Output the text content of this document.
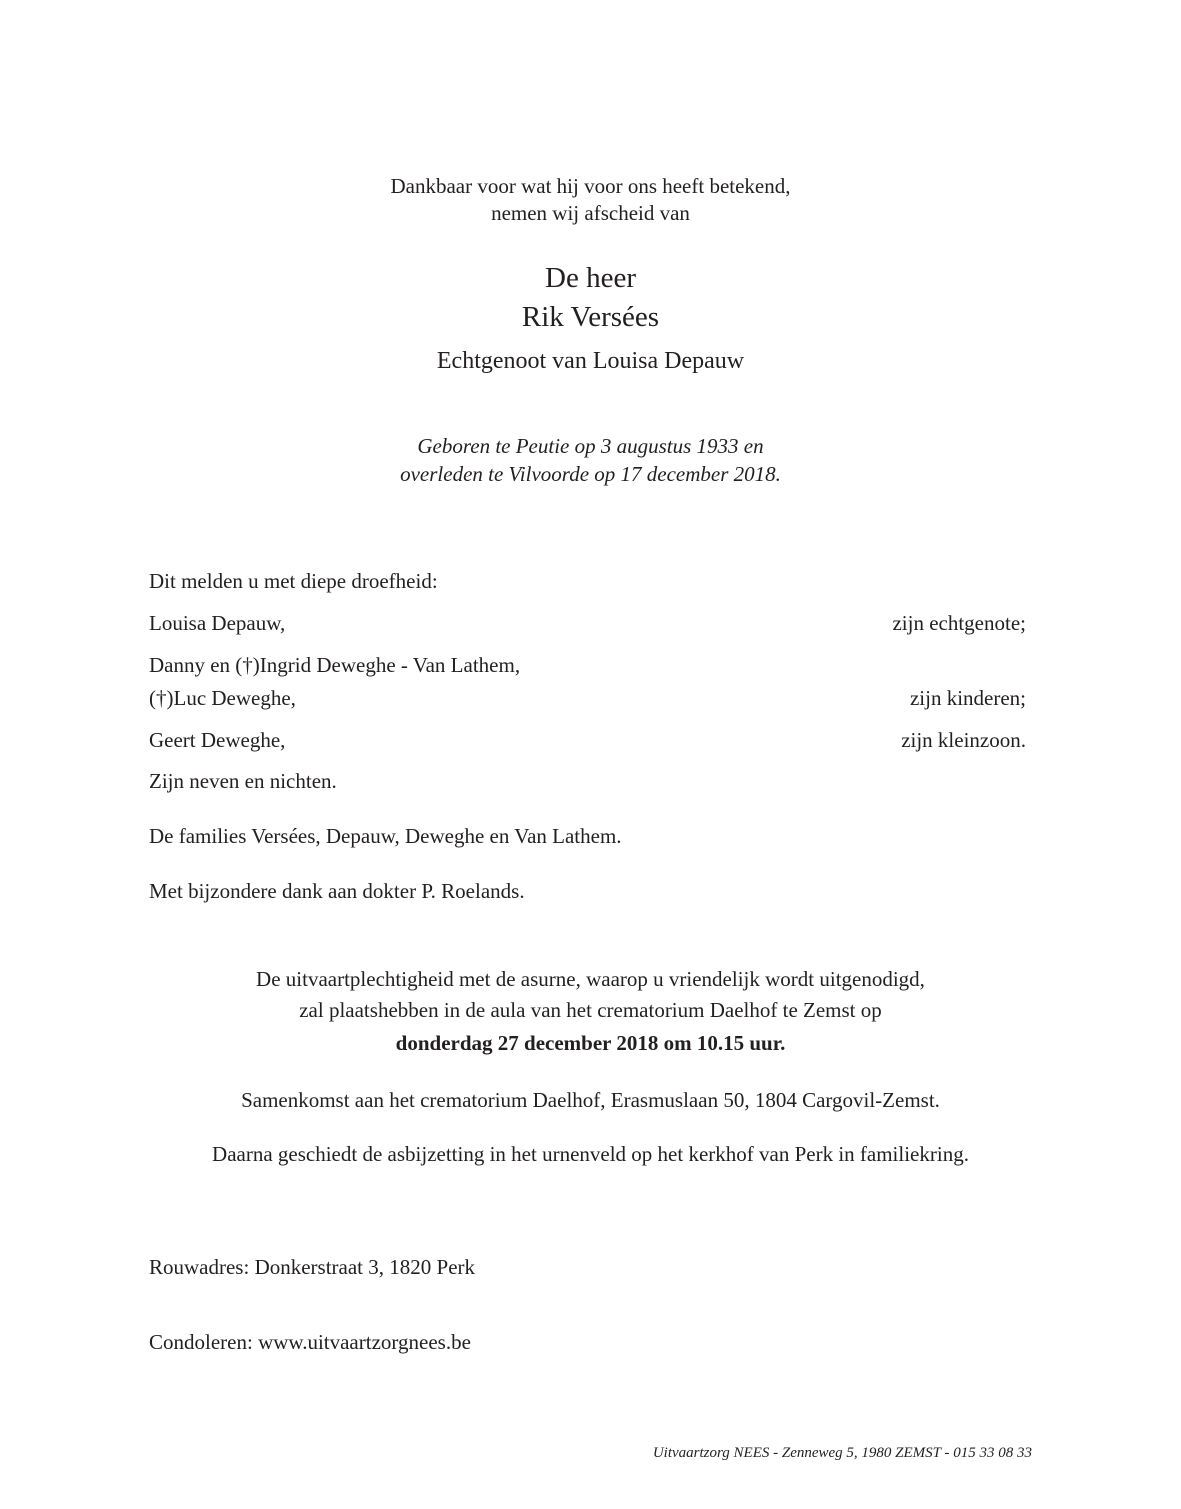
Dankbaar voor wat hij voor ons heeft betekend,
nemen wij afscheid van
De heer
Rik Versées
Echtgenoot van Louisa Depauw
Geboren te Peutie op 3 augustus 1933 en
overleden te Vilvoorde op 17 december 2018.
Dit melden u met diepe droefheid:
Louisa Depauw,	zijn echtgenote;
Danny en (†)Ingrid Deweghe - Van Lathem,
(†)Luc Deweghe,	zijn kinderen;
Geert Deweghe,	zijn kleinzoon.
Zijn neven en nichten.
De families Versées, Depauw, Deweghe en Van Lathem.
Met bijzondere dank aan dokter P. Roelands.
De uitvaartplechtigheid met de asurne, waarop u vriendelijk wordt uitgenodigd,
zal plaatshebben in de aula van het crematorium Daelhof te Zemst op
donderdag 27 december 2018 om 10.15 uur.
Samenkomst aan het crematorium Daelhof, Erasmuslaan 50, 1804 Cargovil-Zemst.
Daarna geschiedt de asbijzetting in het urnenveld op het kerkhof van Perk in familiekring.
Rouwadres: Donkerstraat 3, 1820 Perk
Condoleren: www.uitvaartzorgnees.be
Uitvaartzorg NEES - Zenneweg 5, 1980 ZEMST - 015 33 08 33
